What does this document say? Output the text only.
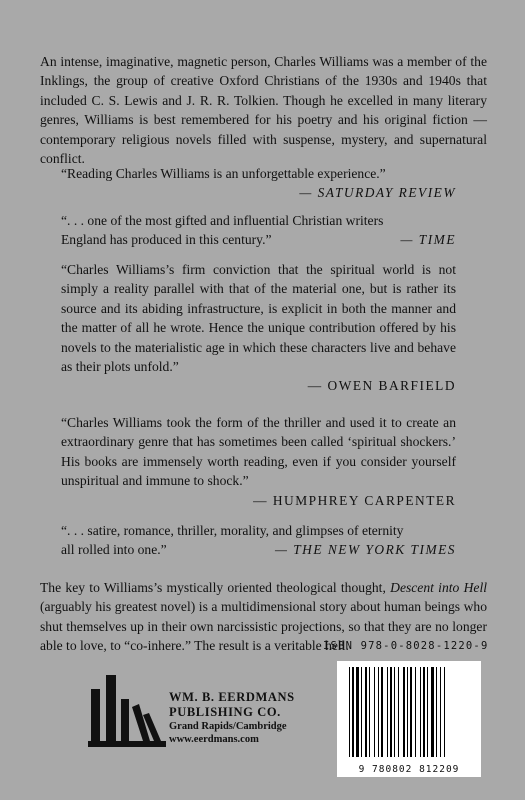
An intense, imaginative, magnetic person, Charles Williams was a member of the Inklings, the group of creative Oxford Christians of the 1930s and 1940s that included C. S. Lewis and J. R. R. Tolkien. Though he excelled in many literary genres, Williams is best remembered for his poetry and his original fiction — contemporary religious novels filled with suspense, mystery, and supernatural conflict.
“Reading Charles Williams is an unforgettable experience.”
— SATURDAY REVIEW
“. . . one of the most gifted and influential Christian writers
England has produced in this century.”	— TIME
“Charles Williams’s firm conviction that the spiritual world is not simply a reality parallel with that of the material one, but is rather its source and its abiding infrastructure, is explicit in both the manner and the matter of all he wrote. Hence the unique contribution offered by his novels to the materialistic age in which these characters live and behave as their plots unfold.”
— OWEN BARFIELD
“Charles Williams took the form of the thriller and used it to create an extraordinary genre that has sometimes been called ‘spiritual shockers.’ His books are immensely worth reading, even if you consider yourself unspiritual and immune to shock.”
— HUMPHREY CARPENTER
“. . . satire, romance, thriller, morality, and glimpses of eternity
all rolled into one.”	— THE NEW YORK TIMES
The key to Williams’s mystically oriented theological thought, Descent into Hell (arguably his greatest novel) is a multidimensional story about human beings who shut themselves up in their own narcissistic projections, so that they are no longer able to love, to “co-inhere.” The result is a veritable hell.
WM. B. EERDMANS
PUBLISHING CO.
Grand Rapids/Cambridge
www.eerdmans.com
ISBN 978-0-8028-1220-9
9 780802 812209
